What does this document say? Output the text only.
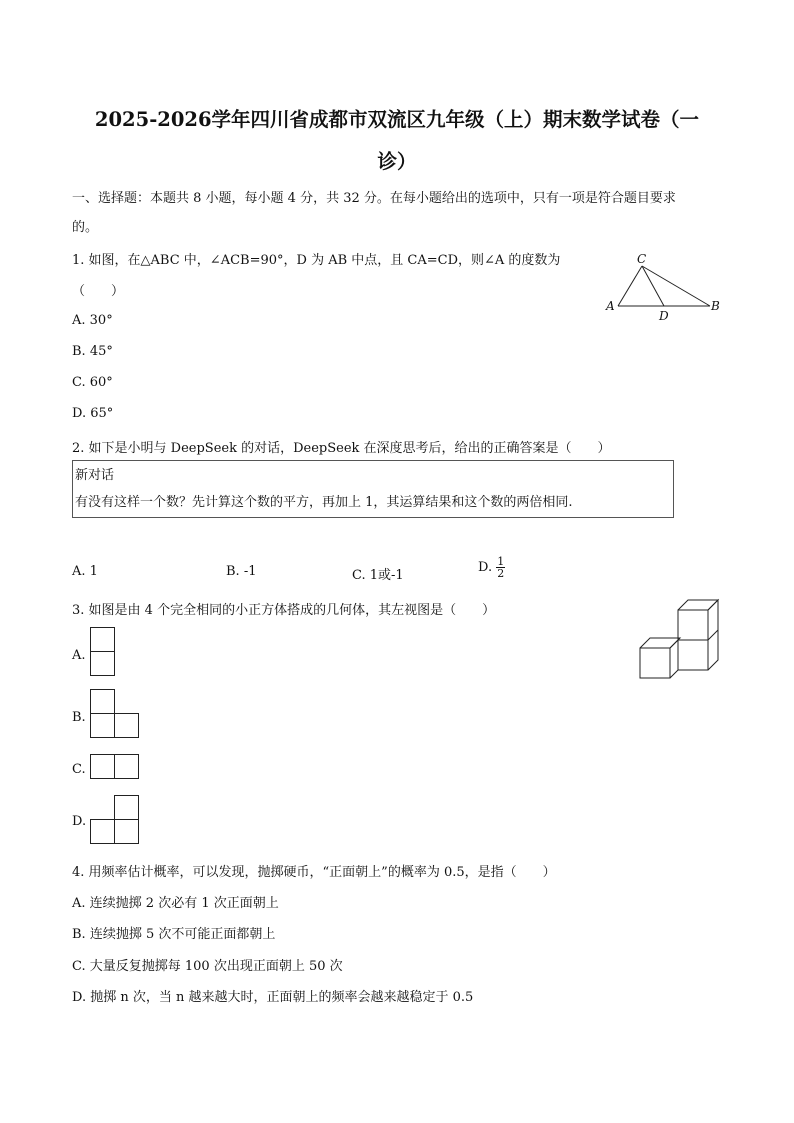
2025-2026学年四川省成都市双流区九年级（上）期末数学试卷（一
诊）
一、选择题：本题共 8 小题，每小题 4 分，共 32 分。在每小题给出的选项中，只有一项是符合题目要求
的。
1. 如图，在△ABC 中，∠ACB=90°，D 为 AB 中点，且 CA=CD，则∠A 的度数为
（　　）
A. 30°
B. 45°
C. 60°
D. 65°
C
A
D
B
2. 如下是小明与 DeepSeek 的对话，DeepSeek 在深度思考后，给出的正确答案是（　　）
新对话
有没有这样一个数？先计算这个数的平方，再加上 1，其运算结果和这个数的两倍相同.
A. 1	B. -1	C. 1或-1
D. $\frac{1}{2}$
3. 如图是由 4 个完全相同的小正方体搭成的几何体，其左视图是（　　）
A.
B.
C.
D.
4. 用频率估计概率，可以发现，抛掷硬币，“正面朝上”的概率为 0.5，是指（　　）
A. 连续抛掷 2 次必有 1 次正面朝上
B. 连续抛掷 5 次不可能正面都朝上
C. 大量反复抛掷每 100 次出现正面朝上 50 次
D. 抛掷 n 次，当 n 越来越大时，正面朝上的频率会越来越稳定于 0.5
